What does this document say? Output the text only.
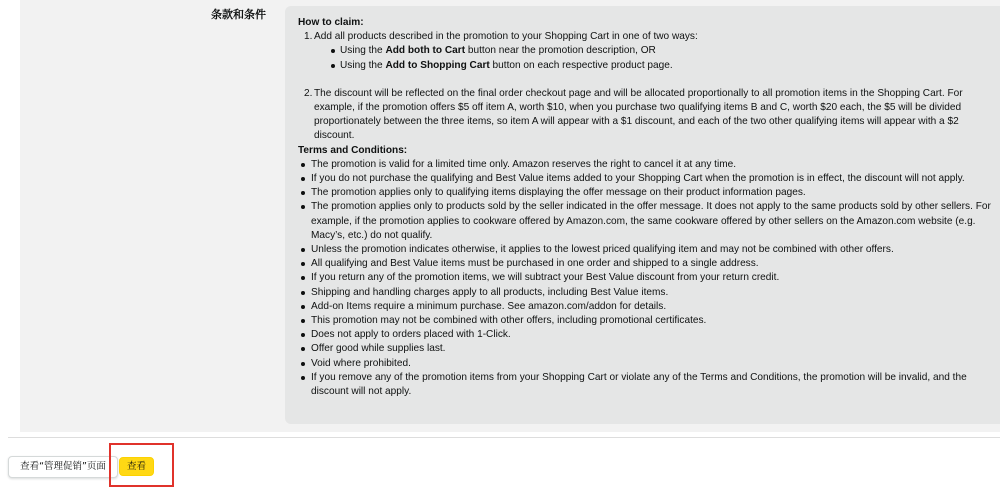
条款和条件
How to claim:
1. Add all products described in the promotion to your Shopping Cart in one of two ways:
Using the Add both to Cart button near the promotion description, OR
Using the Add to Shopping Cart button on each respective product page.
2. The discount will be reflected on the final order checkout page and will be allocated proportionally to all promotion items in the Shopping Cart. For example, if the promotion offers $5 off item A, worth $10, when you purchase two qualifying items B and C, worth $20 each, the $5 will be divided proportionately between the three items, so item A will appear with a $1 discount, and each of the two other qualifying items will appear with a $2 discount.
Terms and Conditions:
The promotion is valid for a limited time only. Amazon reserves the right to cancel it at any time.
If you do not purchase the qualifying and Best Value items added to your Shopping Cart when the promotion is in effect, the discount will not apply.
The promotion applies only to qualifying items displaying the offer message on their product information pages.
The promotion applies only to products sold by the seller indicated in the offer message. It does not apply to the same products sold by other sellers. For example, if the promotion applies to cookware offered by Amazon.com, the same cookware offered by other sellers on the Amazon.com website (e.g. Macy’s, etc.) do not qualify.
Unless the promotion indicates otherwise, it applies to the lowest priced qualifying item and may not be combined with other offers.
All qualifying and Best Value items must be purchased in one order and shipped to a single address.
If you return any of the promotion items, we will subtract your Best Value discount from your return credit.
Shipping and handling charges apply to all products, including Best Value items.
Add-on Items require a minimum purchase. See amazon.com/addon for details.
This promotion may not be combined with other offers, including promotional certificates.
Does not apply to orders placed with 1-Click.
Offer good while supplies last.
Void where prohibited.
If you remove any of the promotion items from your Shopping Cart or violate any of the Terms and Conditions, the promotion will be invalid, and the discount will not apply.
查看“管理促销”页面	查看
